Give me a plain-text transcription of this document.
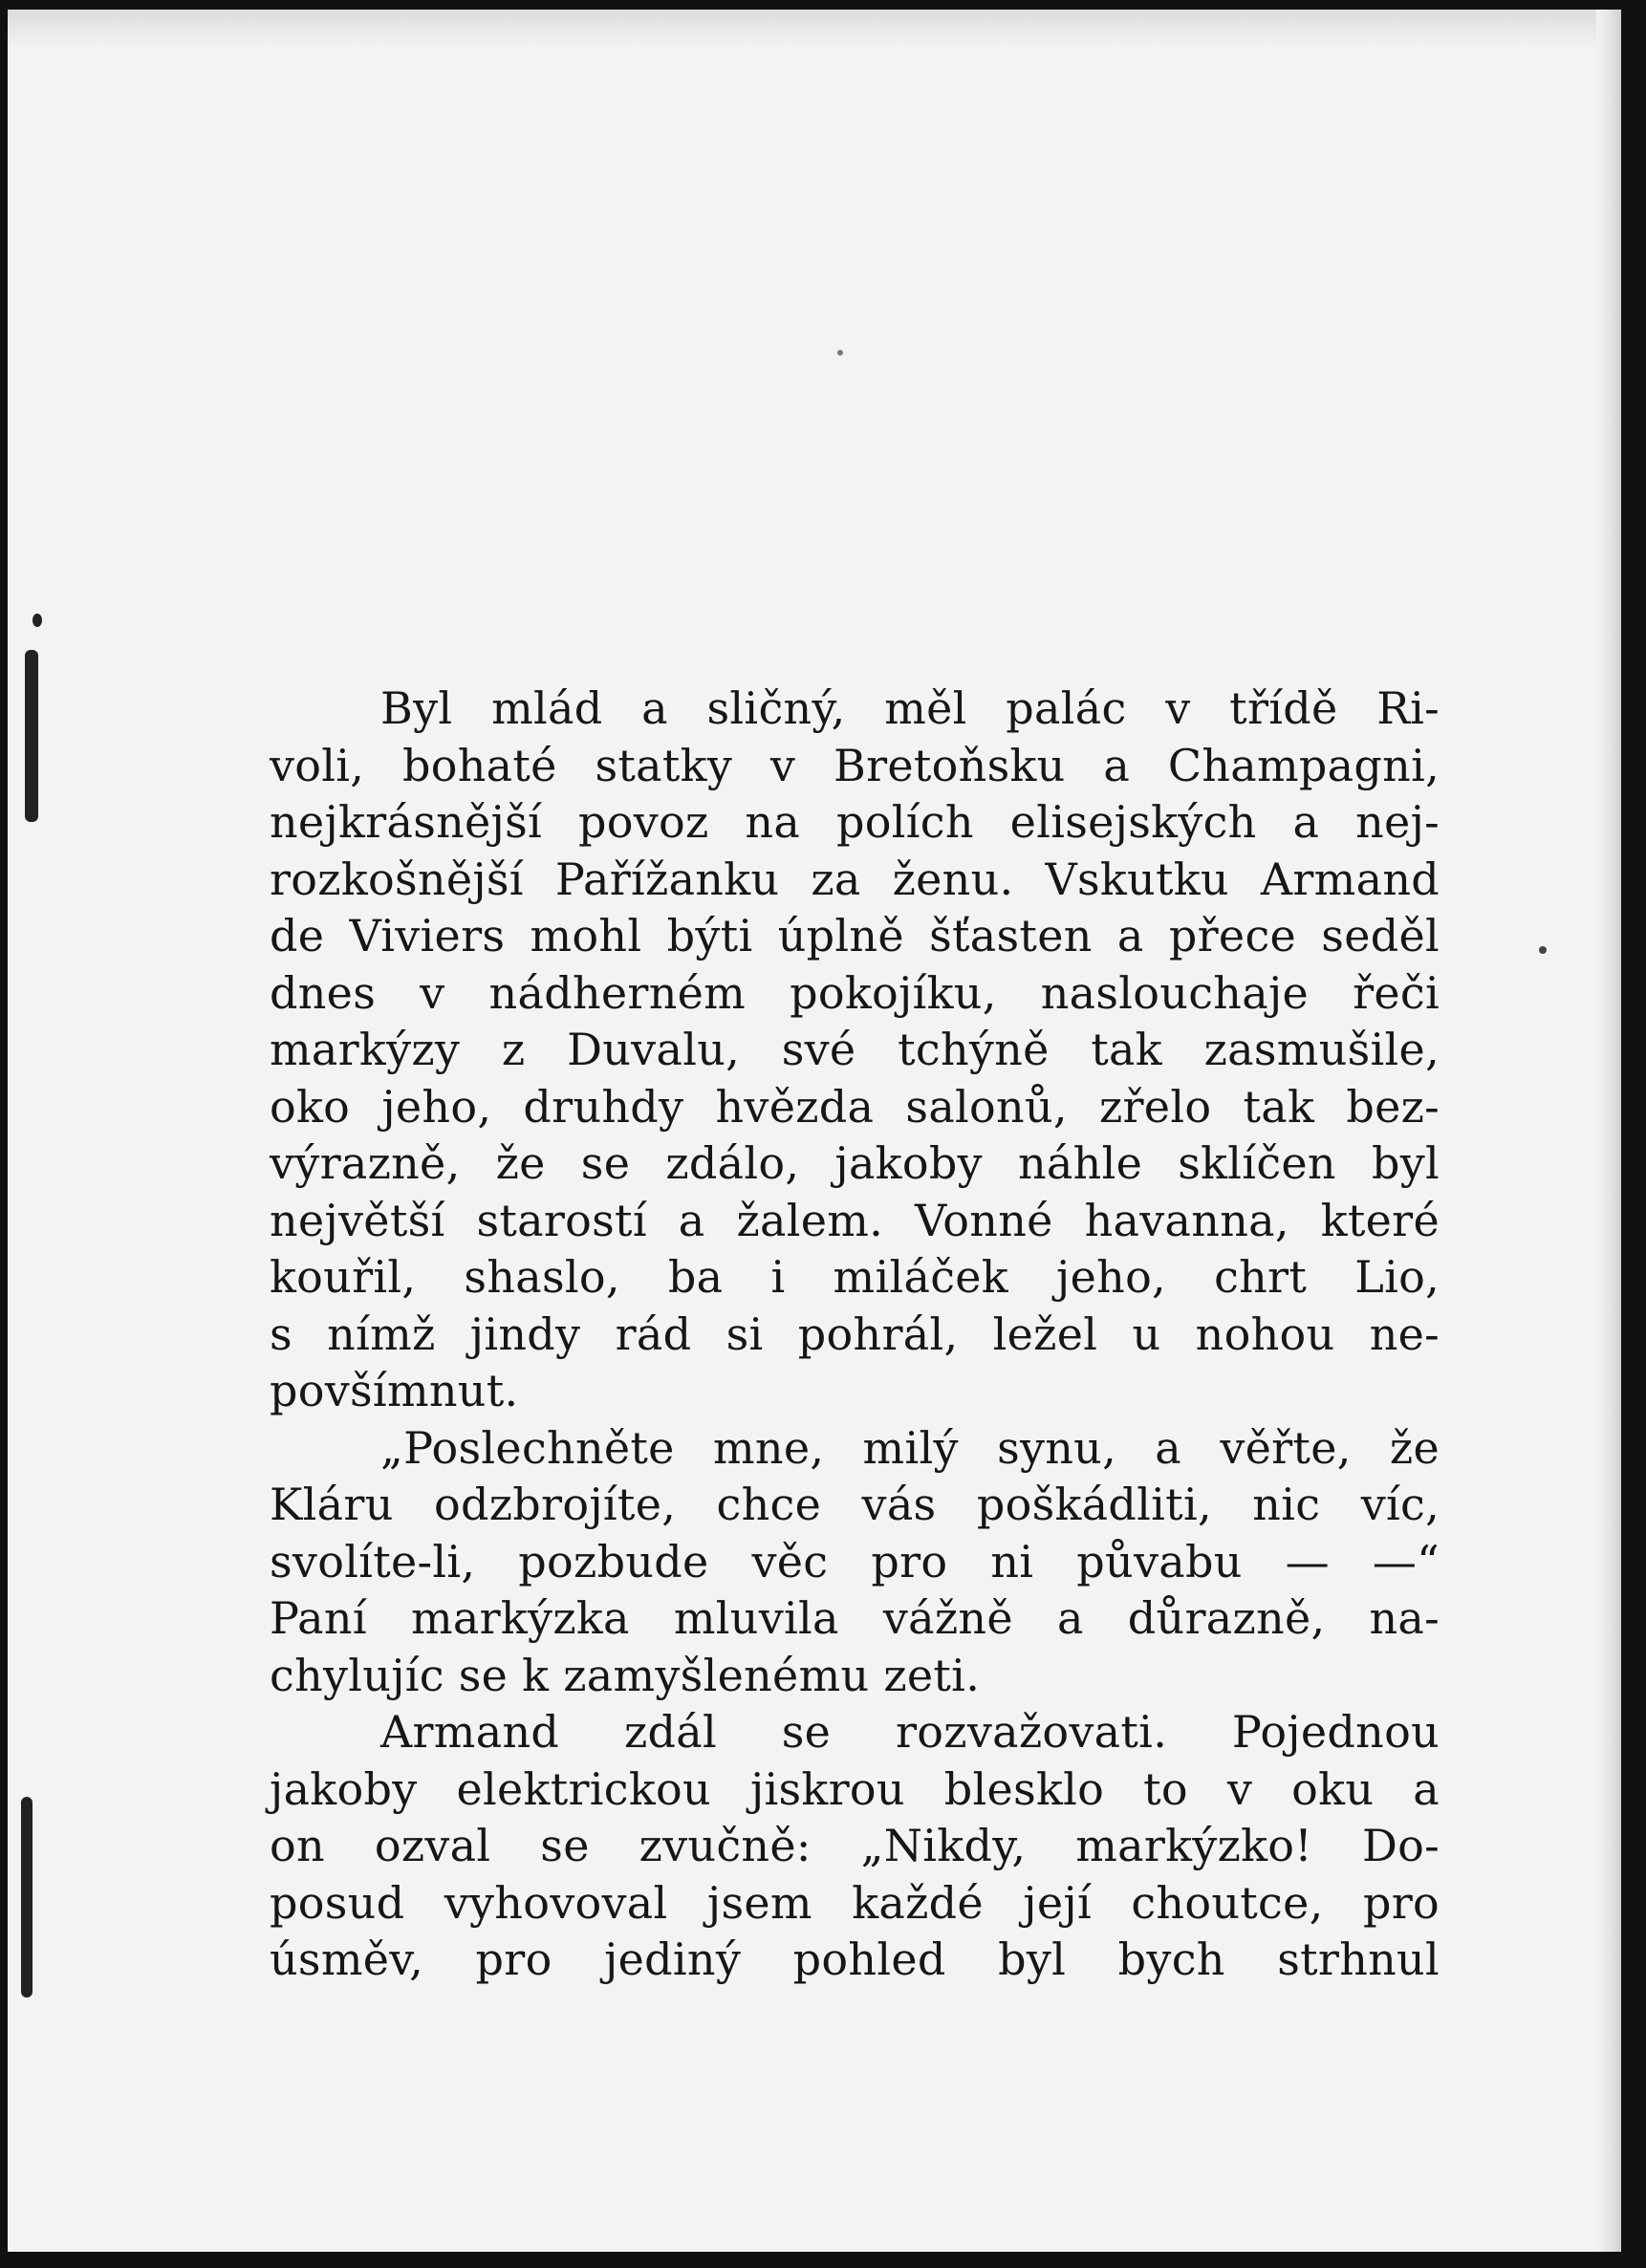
Byl mlád a sličný, měl palác v třídě Ri-
voli, bohaté statky v Bretoňsku a Champagni,
nejkrásnější povoz na polích elisejských a nej-
rozkošnější Pařížanku za ženu. Vskutku Armand
de Viviers mohl býti úplně šťasten a přece seděl
dnes v nádherném pokojíku, naslouchaje řeči
markýzy z Duvalu, své tchýně tak zasmušile,
oko jeho, druhdy hvězda salonů, zřelo tak bez-
výrazně, že se zdálo, jakoby náhle sklíčen byl
největší starostí a žalem. Vonné havanna, které
kouřil, shaslo, ba i miláček jeho, chrt Lio,
s nímž jindy rád si pohrál, ležel u nohou ne-
povšímnut.

„Poslechněte mne, milý synu, a věřte, že
Kláru odzbrojíte, chce vás poškádliti, nic víc,
svolíte-li, pozbude věc pro ni půvabu — —“
Paní markýzka mluvila vážně a důrazně, na-
chylujíc se k zamyšlenému zeti.

Armand zdál se rozvažovati. Pojednou
jakoby elektrickou jiskrou blesklo to v oku a
on ozval se zvučně: „Nikdy, markýzko! Do-
posud vyhovoval jsem každé její choutce, pro
úsměv, pro jediný pohled byl bych strhnul
